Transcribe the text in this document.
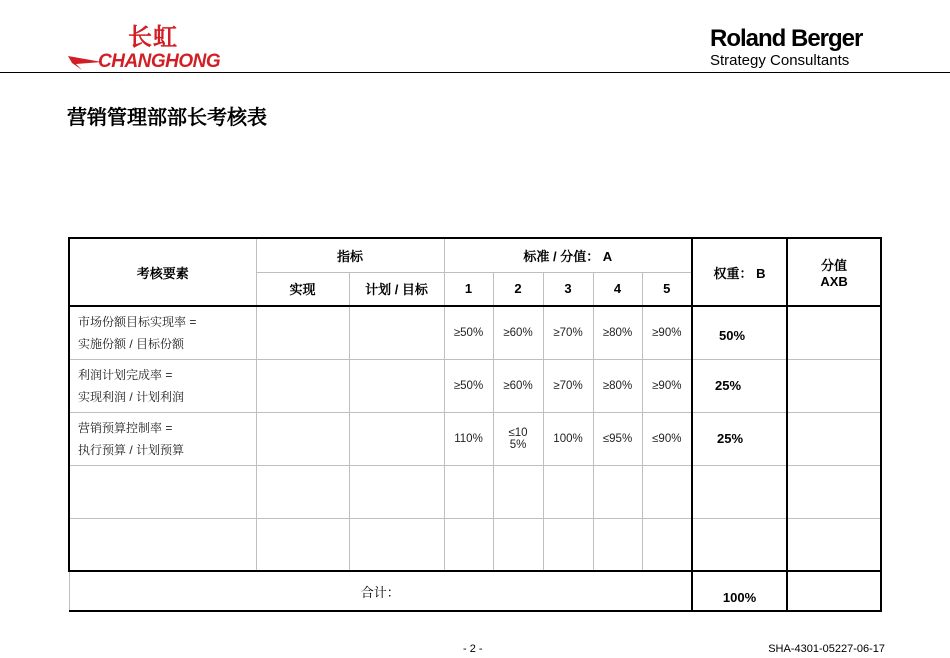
长虹
CHANGHONG
Roland Berger
Strategy Consultants
营销管理部部长考核表
考核要素	指标		标准 / 分值： A					权重： B	分值
AXB

	实现	计划 / 目标	1	2	3	4	5		

市场份额目标实现率 =
实施份额 / 目标份额			≥50%	≥60%	≥70%	≥80%	≥90%	50%	

利润计划完成率 =
实现利润 / 计划利润			≥50%	≥60%	≥70%	≥80%	≥90%	25%	

营销预算控制率 =
执行预算 / 计划预算			110%	≤105%	100%	≤95%	≤90%	25%	

合计：								100%	
- 2 -	SHA-4301-05227-06-17
